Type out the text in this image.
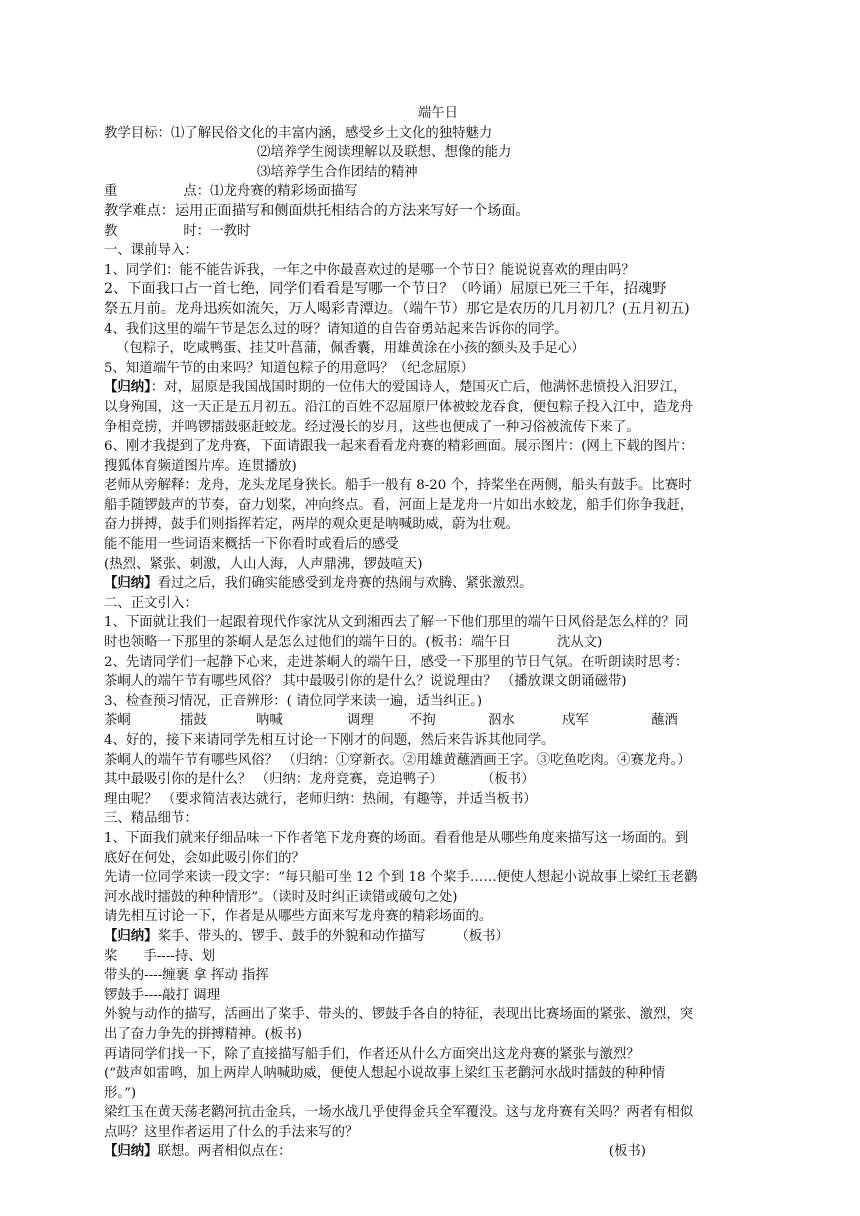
端午日
教学目标：⑴了解民俗文化的丰富内涵，感受乡土文化的独特魅力
⑵培养学生阅读理解以及联想、想像的能力
⑶培养学生合作团结的精神
重	点：⑴龙舟赛的精彩场面描写
教学难点：运用正面描写和侧面烘托相结合的方法来写好一个场面。
教	时：一教时
一、课前导入：
1、同学们：能不能告诉我，一年之中你最喜欢过的是哪一个节日？能说说喜欢的理由吗？
2、下面我口占一首七绝，同学们看看是写哪一个节日？（吟诵）屈原已死三千年，招魂野
祭五月前。龙舟迅疾如流矢，万人喝彩青潭边。（端午节）那它是农历的几月初几？(五月初五)
4、我们这里的端午节是怎么过的呀？请知道的自告奋勇站起来告诉你的同学。
（包粽子，吃咸鸭蛋、挂艾叶菖蒲，佩香囊，用雄黄涂在小孩的额头及手足心）
5、知道端午节的由来吗？知道包粽子的用意吗？（纪念屈原）
【归纳】：对，屈原是我国战国时期的一位伟大的爱国诗人，楚国灭亡后，他满怀悲愤投入汨罗江，
以身殉国，这一天正是五月初五。沿江的百姓不忍屈原尸体被蛟龙吞食，便包粽子投入江中，造龙舟
争相竞捞，并鸣锣擂鼓驱赶蛟龙。经过漫长的岁月，这些也便成了一种习俗被流传下来了。
6、刚才我提到了龙舟赛，下面请跟我一起来看看龙舟赛的精彩画面。展示图片：(网上下载的图片：
搜狐体育频道图片库。连贯播放)
老师从旁解释：龙舟，龙头龙尾身狭长。船手一般有 8-20 个，持桨坐在两侧，船头有鼓手。比赛时
船手随锣鼓声的节奏，奋力划桨，冲向终点。看，河面上是龙舟一片如出水蛟龙，船手们你争我赶，
奋力拼搏，鼓手们则指挥若定，两岸的观众更是呐喊助威，蔚为壮观。
能不能用一些词语来概括一下你看时或看后的感受
(热烈、紧张、刺激，人山人海，人声鼎沸，锣鼓喧天)
【归纳】看过之后，我们确实能感受到龙舟赛的热闹与欢腾、紧张激烈。
二、正文引入：
1、下面就让我们一起跟着现代作家沈从文到湘西去了解一下他们那里的端午日风俗是怎么样的？同
时也领略一下那里的茶峒人是怎么过他们的端午日的。(板书：端午日	沈从文)
2、先请同学们一起静下心来，走进茶峒人的端午日，感受一下那里的节日气氛。在听朗读时思考：
茶峒人的端午节有哪些风俗？ 其中最吸引你的是什么？说说理由？ （播放课文朗诵磁带)
3、检查预习情况，正音辨形：( 请位同学来读一遍，适当纠正。)
茶峒	擂鼓	呐喊	调理	不拘	泅水	戍军	蘸酒
4、好的，接下来请同学先相互讨论一下刚才的问题，然后来告诉其他同学。
茶峒人的端午节有哪些风俗？ （归纳：①穿新衣。②用雄黄蘸酒画王字。③吃鱼吃肉。④赛龙舟。）
其中最吸引你的是什么？ （归纳：龙舟竞赛，竞追鸭子）	（板书）
理由呢？ （要求简洁表达就行，老师归纳：热闹，有趣等，并适当板书）
三、精品细节：
1、下面我们就来仔细品味一下作者笔下龙舟赛的场面。看看他是从哪些角度来描写这一场面的。到
底好在何处，会如此吸引你们的？
先请一位同学来读一段文字：“每只船可坐 12 个到 18 个桨手……便使人想起小说故事上梁红玉老鹳
河水战时擂鼓的种种情形”。（读时及时纠正读错或破句之处)
请先相互讨论一下，作者是从哪些方面来写龙舟赛的精彩场面的。
【归纳】桨手、带头的、锣手、鼓手的外貌和动作描写 （板书）
桨 手----持、划
带头的----缠裹 拿 挥动 指挥
锣鼓手----敲打 调理
外貌与动作的描写，活画出了桨手、带头的、锣鼓手各自的特征，表现出比赛场面的紧张、激烈，突
出了奋力争先的拼搏精神。(板书)
再请同学们找一下，除了直接描写船手们，作者还从什么方面突出这龙舟赛的紧张与激烈？
(“鼓声如雷鸣，加上两岸人呐喊助威，便使人想起小说故事上梁红玉老鹳河水战时擂鼓的种种情
形。”)
梁红玉在黄天荡老鹳河抗击金兵，一场水战几乎使得金兵全军覆没。这与龙舟赛有关吗？两者有相似
点吗？这里作者运用了什么的手法来写的？
【归纳】联想。两者相似点在：	(板书)
